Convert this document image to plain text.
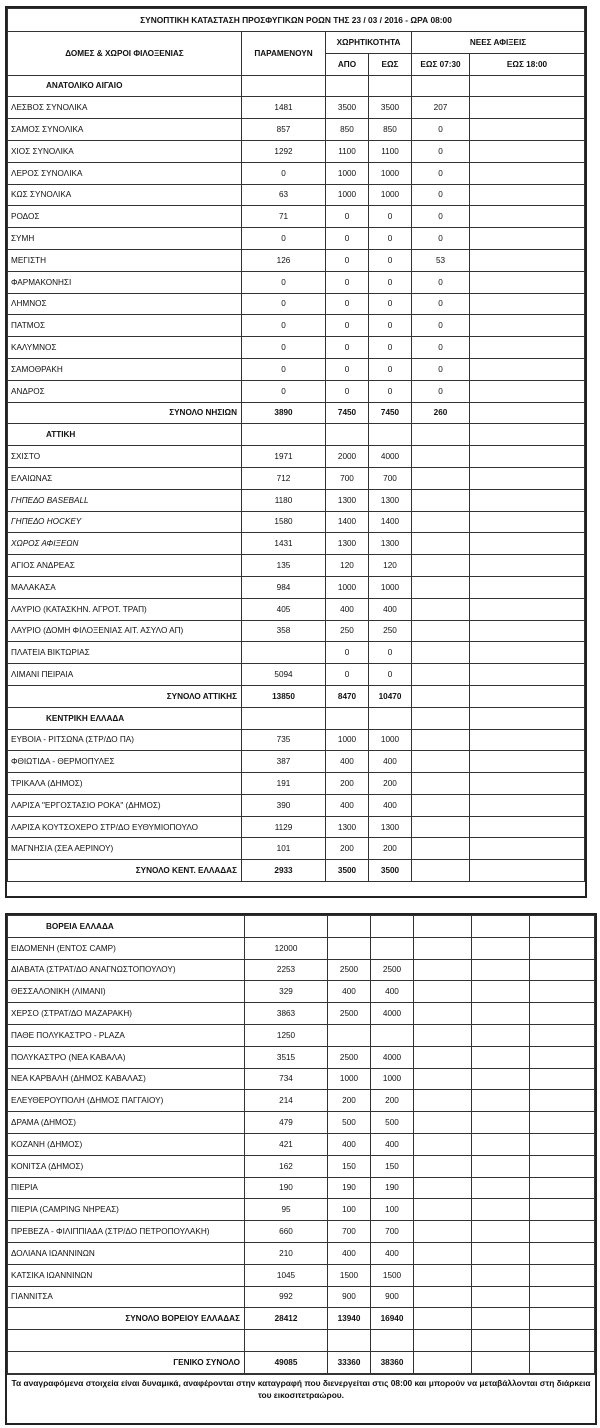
ΣΥΝΟΠΤΙΚΗ ΚΑΤΑΣΤΑΣΗ ΠΡΟΣΦΥΓΙΚΩΝ ΡΟΩΝ ΤΗΣ 23 / 03 / 2016 - ΩΡΑ 08:00					
ΔΟΜΕΣ & ΧΩΡΟΙ ΦΙΛΟΞΕΝΙΑΣ	ΠΑΡΑΜΕΝΟΥΝ	ΧΩΡΗΤΙΚΟΤΗΤΑ		ΝΕΕΣ ΑΦΙΞΕΙΣ	
		ΑΠΟ	ΕΩΣ	ΕΩΣ 07:30	ΕΩΣ 18:00
ΑΝΑΤΟΛΙΚΟ ΑΙΓΑΙΟ					
ΛΕΣΒΟΣ ΣΥΝΟΛΙΚΑ	1481	3500	3500	207	
ΣΑΜΟΣ ΣΥΝΟΛΙΚΑ	857	850	850	0	
ΧΙΟΣ ΣΥΝΟΛΙΚΑ	1292	1100	1100	0	
ΛΕΡΟΣ ΣΥΝΟΛΙΚΑ	0	1000	1000	0	
ΚΩΣ ΣΥΝΟΛΙΚΑ	63	1000	1000	0	
ΡΟΔΟΣ	71	0	0	0	
ΣΥΜΗ	0	0	0	0	
ΜΕΓΙΣΤΗ	126	0	0	53	
ΦΑΡΜΑΚΟΝΗΣΙ	0	0	0	0	
ΛΗΜΝΟΣ	0	0	0	0	
ΠΑΤΜΟΣ	0	0	0	0	
ΚΑΛΥΜΝΟΣ	0	0	0	0	
ΣΑΜΟΘΡΑΚΗ	0	0	0	0	
ΑΝΔΡΟΣ	0	0	0	0	
ΣΥΝΟΛΟ ΝΗΣΙΩΝ	3890	7450	7450	260	
ΑΤΤΙΚΗ					
ΣΧΙΣΤΟ	1971	2000	4000		
ΕΛΑΙΩΝΑΣ	712	700	700		
ΓΗΠΕΔΟ BASEBALL	1180	1300	1300		
ΓΗΠΕΔΟ HOCKEY	1580	1400	1400		
ΧΩΡΟΣ ΑΦΙΞΕΩΝ	1431	1300	1300		
ΑΓΙΟΣ ΑΝΔΡΕΑΣ	135	120	120		
ΜΑΛΑΚΑΣΑ	984	1000	1000		
ΛΑΥΡΙΟ (ΚΑΤΑΣΚΗΝ. ΑΓΡΟΤ. ΤΡΑΠ)	405	400	400		
ΛΑΥΡΙΟ (ΔΟΜΗ ΦΙΛΟΞΕΝΙΑΣ ΑΙΤ. ΑΣΥΛΟ ΑΠ)	358	250	250		
ΠΛΑΤΕΙΑ ΒΙΚΤΩΡΙΑΣ		0	0		
ΛΙΜΑΝΙ ΠΕΙΡΑΙΑ	5094	0	0		
ΣΥΝΟΛΟ ΑΤΤΙΚΗΣ	13850	8470	10470		
ΚΕΝΤΡΙΚΗ ΕΛΛΑΔΑ					
ΕΥΒΟΙΑ - ΡΙΤΣΩΝΑ (ΣΤΡ/ΔΟ ΠΑ)	735	1000	1000		
ΦΘΙΩΤΙΔΑ - ΘΕΡΜΟΠΥΛΕΣ	387	400	400		
ΤΡΙΚΑΛΑ (ΔΗΜΟΣ)	191	200	200		
ΛΑΡΙΣΑ "ΕΡΓΟΣΤΑΣΙΟ ΡΟΚΑ" (ΔΗΜΟΣ)	390	400	400		
ΛΑΡΙΣΑ ΚΟΥΤΣΟΧΕΡΟ ΣΤΡ/ΔΟ ΕΥΘΥΜΙΟΠΟΥΛΟ	1129	1300	1300		
ΜΑΓΝΗΣΙΑ (ΣΕΑ ΑΕΡΙΝΟΥ)	101	200	200		
ΣΥΝΟΛΟ ΚΕΝΤ. ΕΛΛΑΔΑΣ	2933	3500	3500		
ΒΟΡΕΙΑ ΕΛΛΑΔΑ						
ΕΙΔΟΜΕΝΗ (ΕΝΤΟΣ CAMP)	12000					
ΔΙΑΒΑΤΑ (ΣΤΡΑΤ/ΔΟ ΑΝΑΓΝΩΣΤΟΠΟΥΛΟΥ)	2253	2500	2500			
ΘΕΣΣΑΛΟΝΙΚΗ (ΛΙΜΑΝΙ)	329	400	400			
ΧΕΡΣΟ (ΣΤΡΑΤ/ΔΟ ΜΑΖΑΡΑΚΗ)	3863	2500	4000			
ΠΑΘΕ ΠΟΛΥΚΑΣΤΡΟ - PLAZA	1250					
ΠΟΛΥΚΑΣΤΡΟ (ΝΕΑ ΚΑΒΑΛΑ)	3515	2500	4000			
ΝΕΑ ΚΑΡΒΑΛΗ (ΔΗΜΟΣ ΚΑΒΑΛΑΣ)	734	1000	1000			
ΕΛΕΥΘΕΡΟΥΠΟΛΗ (ΔΗΜΟΣ ΠΑΓΓΑΙΟΥ)	214	200	200			
ΔΡΑΜΑ (ΔΗΜΟΣ)	479	500	500			
ΚΟΖΑΝΗ (ΔΗΜΟΣ)	421	400	400			
ΚΟΝΙΤΣΑ (ΔΗΜΟΣ)	162	150	150			
ΠΙΕΡΙΑ	190	190	190			
ΠΙΕΡΙΑ (CAMPING ΝΗΡΕΑΣ)	95	100	100			
ΠΡΕΒΕΖΑ - ΦΙΛΙΠΠΙΑΔΑ (ΣΤΡ/ΔΟ ΠΕΤΡΟΠΟΥΛΑΚΗ)	660	700	700			
ΔΟΛΙΑΝΑ ΙΩΑΝΝΙΝΩΝ	210	400	400			
ΚΑΤΣΙΚΑ ΙΩΑΝΝΙΝΩΝ	1045	1500	1500			
ΓΙΑΝΝΙΤΣΑ	992	900	900			
ΣΥΝΟΛΟ ΒΟΡΕΙΟΥ ΕΛΛΑΔΑΣ	28412	13940	16940			

ΓΕΝΙΚΟ ΣΥΝΟΛΟ	49085	33360	38360			
Τα αναγραφόμενα στοιχεία είναι δυναμικά, αναφέρονται στην καταγραφή που διενεργείται στις 08:00 και μπορούν να μεταβάλλονται στη διάρκεια του εικοσιτετραώρου.
